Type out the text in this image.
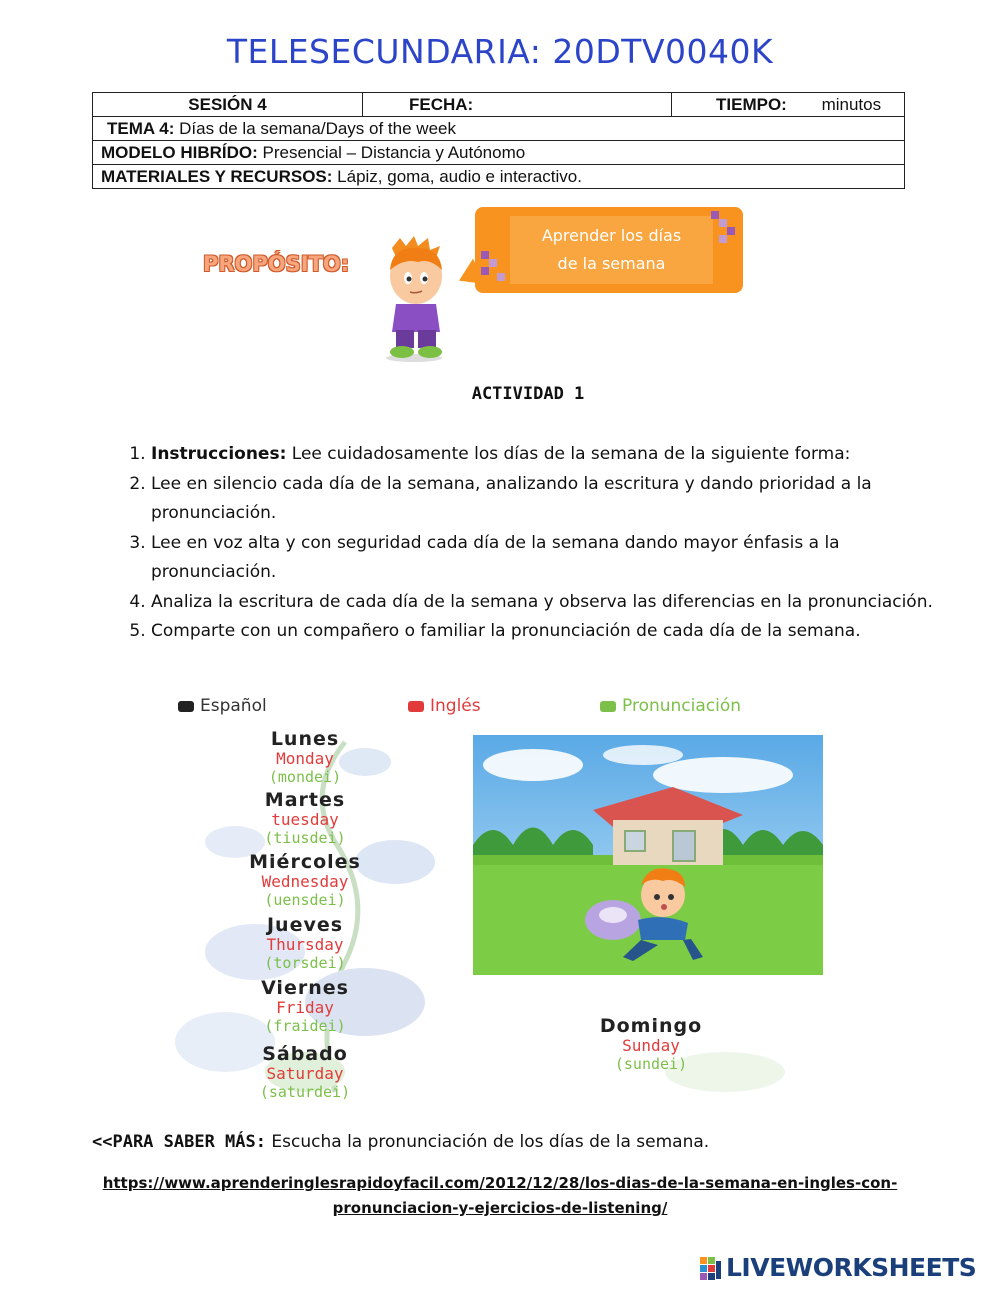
TELESECUNDARIA: 20DTV0040K
SESIÓN 4	FECHA:	TIEMPO: minutos
TEMA 4: Días de la semana/Days of the week
MODELO HIBRÍDO: Presencial – Distancia y Autónomo
MATERIALES Y RECURSOS: Lápiz, goma, audio e interactivo.
PROPÓSITO:
Aprender los días
de la semana
ACTIVIDAD 1
1. Instrucciones: Lee cuidadosamente los días de la semana de la siguiente forma:
2. Lee en silencio cada día de la semana, analizando la escritura y dando prioridad a la pronunciación.
3. Lee en voz alta y con seguridad cada día de la semana dando mayor énfasis a la pronunciación.
4. Analiza la escritura de cada día de la semana y observa las diferencias en la pronunciación.
5. Comparte con un compañero o familiar la pronunciación de cada día de la semana.
Español	Inglés	Pronunciación
Lunes
Monday
(mondei)
Martes
tuesday
(tiusdei)
Miércoles
Wednesday
(uensdei)
Jueves
Thursday
(torsdei)
Viernes
Friday
(fraidei)
Sábado
Saturday
(saturdei)
Domingo
Sunday
(sundei)
<<PARA SABER MÁS: Escucha la pronunciación de los días de la semana.
https://www.aprenderinglesrapidoyfacil.com/2012/12/28/los-dias-de-la-semana-en-ingles-con-
pronunciacion-y-ejercicios-de-listening/
LIVEWORKSHEETS
